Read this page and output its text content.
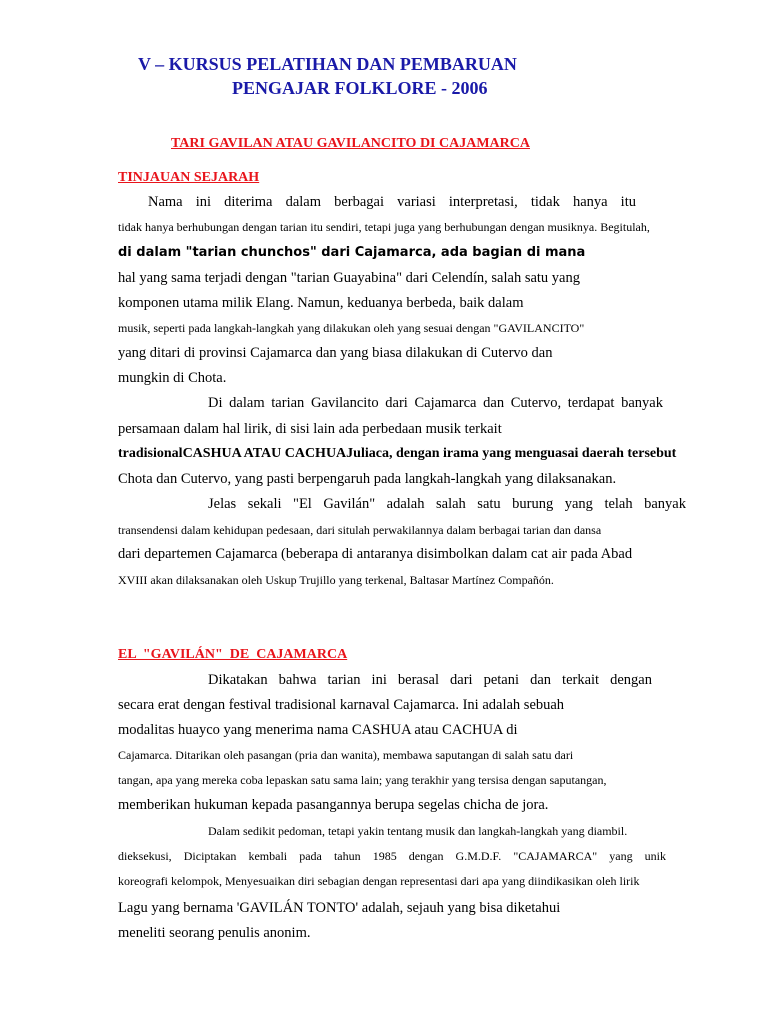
V – KURSUS PELATIHAN DAN PEMBARUAN

PENGAJAR FOLKLORE - 2006

TARI GAVILAN ATAU GAVILANCITO DI CAJAMARCA

TINJAUAN SEJARAH

Nama ini diterima dalam berbagai variasi interpretasi, tidak hanya itu

tidak hanya berhubungan dengan tarian itu sendiri, tetapi juga yang berhubungan dengan musiknya. Begitulah,

di dalam "tarian chunchos" dari Cajamarca, ada bagian di mana

hal yang sama terjadi dengan "tarian Guayabina" dari Celendín, salah satu yang

komponen utama milik Elang. Namun, keduanya berbeda, baik dalam

musik, seperti pada langkah-langkah yang dilakukan oleh yang sesuai dengan "GAVILANCITO"

yang ditari di provinsi Cajamarca dan yang biasa dilakukan di Cutervo dan

mungkin di Chota.

Di dalam tarian Gavilancito dari Cajamarca dan Cutervo, terdapat banyak

persamaan dalam hal lirik, di sisi lain ada perbedaan musik terkait

tradisionalCASHUA ATAU CACHUAJuliaca, dengan irama yang menguasai daerah tersebut

Chota dan Cutervo, yang pasti berpengaruh pada langkah-langkah yang dilaksanakan.

Jelas sekali "El Gavilán" adalah salah satu burung yang telah banyak

transendensi dalam kehidupan pedesaan, dari situlah perwakilannya dalam berbagai tarian dan dansa

dari departemen Cajamarca (beberapa di antaranya disimbolkan dalam cat air pada Abad

XVIII akan dilaksanakan oleh Uskup Trujillo yang terkenal, Baltasar Martínez Compañón.

EL  "GAVILÁN"  DE  CAJAMARCA

Dikatakan bahwa tarian ini berasal dari petani dan terkait dengan

secara erat dengan festival tradisional karnaval Cajamarca. Ini adalah sebuah

modalitas huayco yang menerima nama CASHUA atau CACHUA di

Cajamarca. Ditarikan oleh pasangan (pria dan wanita), membawa saputangan di salah satu dari

tangan, apa yang mereka coba lepaskan satu sama lain; yang terakhir yang tersisa dengan saputangan,

memberikan hukuman kepada pasangannya berupa segelas chicha de jora.

Dalam sedikit pedoman, tetapi yakin tentang musik dan langkah-langkah yang diambil.

dieksekusi, Diciptakan kembali pada tahun 1985 dengan G.M.D.F. "CAJAMARCA" yang unik

koreografi kelompok, Menyesuaikan diri sebagian dengan representasi dari apa yang diindikasikan oleh lirik

Lagu yang bernama 'GAVILÁN TONTO' adalah, sejauh yang bisa diketahui

meneliti seorang penulis anonim.
